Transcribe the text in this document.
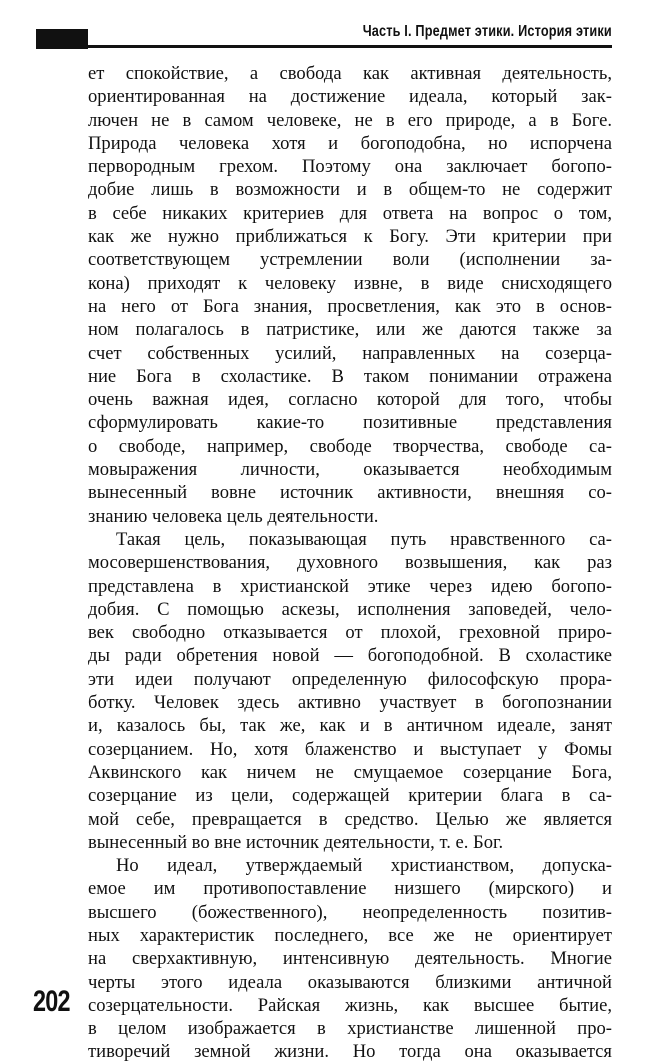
Часть I. Предмет этики. История этики
ет спокойствие, а свобода как активная деятельность,
ориентированная на достижение идеала, который зак-
лючен не в самом человеке, не в его природе, а в Боге.
Природа человека хотя и богоподобна, но испорчена
первородным грехом. Поэтому она заключает богопо-
добие лишь в возможности и в общем-то не содержит
в себе никаких критериев для ответа на вопрос о том,
как же нужно приближаться к Богу. Эти критерии при
соответствующем устремлении воли (исполнении за-
кона) приходят к человеку извне, в виде снисходящего
на него от Бога знания, просветления, как это в основ-
ном полагалось в патристике, или же даются также за
счет собственных усилий, направленных на созерца-
ние Бога в схоластике. В таком понимании отражена
очень важная идея, согласно которой для того, чтобы
сформулировать какие-то позитивные представления
о свободе, например, свободе творчества, свободе са-
мовыражения личности, оказывается необходимым
вынесенный вовне источник активности, внешняя со-
знанию человека цель деятельности.
Такая цель, показывающая путь нравственного са-
мосовершенствования, духовного возвышения, как раз
представлена в христианской этике через идею богопо-
добия. С помощью аскезы, исполнения заповедей, чело-
век свободно отказывается от плохой, греховной приро-
ды ради обретения новой — богоподобной. В схоластике
эти идеи получают определенную философскую прора-
ботку. Человек здесь активно участвует в богопознании
и, казалось бы, так же, как и в античном идеале, занят
созерцанием. Но, хотя блаженство и выступает у Фомы
Аквинского как ничем не смущаемое созерцание Бога,
созерцание из цели, содержащей критерии блага в са-
мой себе, превращается в средство. Целью же является
вынесенный во вне источник деятельности, т. е. Бог.
Но идеал, утверждаемый христианством, допуска-
емое им противопоставление низшего (мирского) и
высшего (божественного), неопределенность позитив-
ных характеристик последнего, все же не ориентирует
на сверхактивную, интенсивную деятельность. Многие
черты этого идеала оказываются близкими античной
созерцательности. Райская жизнь, как высшее бытие,
в целом изображается в христианстве лишенной про-
тиворечий земной жизни. Но тогда она оказывается
202
